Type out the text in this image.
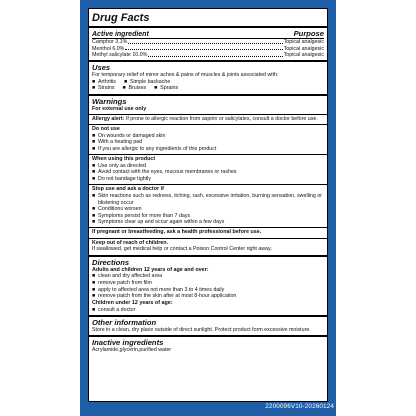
Drug Facts
Active ingredient	Purpose
Camphor 3.1%	Topical analgesic
Menthol 6.0%	Topical analgesic
Methyl salicylate 10.0%	Topical analgesic
Uses
For temporary relief of minor aches & pains of muscles & joints associated with:
■ Arthritis ■ Simple backache
■ Strains ■ Bruises ■ Sprains
Warnings
For external use only
Allergy alert: If prone to allergic reaction from aspirin or salicylates, consult a doctor before use.
Do not use
■ On wounds or damaged skin
■ With a heating pad
■ If you are allergic to any ingredients of this product
When using this product
■ Use only as directed
■ Avoid contact with the eyes, mucous membranes or rashes
■ Do not bandage tightly
Stop use and ask a doctor if
■ Skin reactions such as redness, itching, rash, excessive irritation, burning sensation, swelling or blistering occur
■ Conditions worsen
■ Symptoms persist for more than 7 days
■ Symptoms clear up and occur again within a few days
If pregnant or breastfeeding, ask a health professional before use.
Keep out of reach of children.
If swallowed, get medical help or contact a Poison Control Center right away.
Directions
Adults and children 12 years of age and over:
■ clean and dry affected area
■ remove patch from film
■ apply to affected area not more than 3 to 4 times daily
■ remove patch from the skin after at most 8-hour application
Children under 12 years of age:
■ consult a doctor
Other information
Store in a clean, dry place outside of direct sunlight. Protect product form excessive moisture.
Inactive ingredients
Acrylamide,glycerin,purified water
2200096V10-20260124
